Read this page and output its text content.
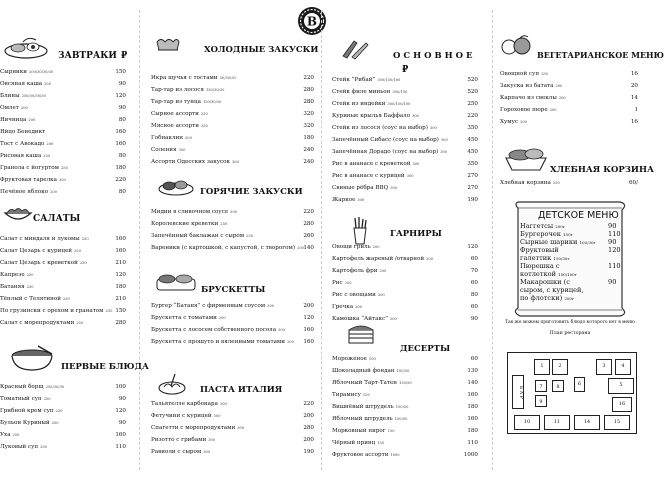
B
ЗАВТРАКИ ₽
Сырники 200/30/30/30	150
Овсяная каша 250	90
Блины 250/30/30/30	120
Омлет 200	90
Яичница 200	80
Яйцо Бенедикт	160
Тост с Авокадо 200	160
Рисовая каша 250	80
Гранола с йогуртом 250	180
Фруктовая тарелка 300	220
Печёное яблоко 200	80
САЛАТЫ
Салат с миндаля и лукомы 250	160
Салат Цезарь с курицей 250	160
Салат Цезарь с креветкой 250	210
Капрезе 250	120
Батаняя 250	180
Тёплый с Телятиной 250	210
По грузински с орехом и гранатом 250 150
Салат с морепродуктами 250	280
ПЕРВЫЕ БЛЮДА
Красный борщ 250/30/30	100
Томатный суп 250	90
Грибной крем суп 250	120
Бульон Куриный 250	90
Уха 250	160
Луковый суп 250	110
ХОЛОДНЫЕ ЗАКУСКИ
Икра щучья с тостами 50/30/30	220
Тар-тар из лосося 150/30/30	280
Тар-тар из тунца 150/30/30	280
Сырное ассорти 250	320
Мясное ассорти 250	320
Гобнаклин 200	180
Соления 300	240
Ассорти Одесских закусок 300	240
ГОРЯЧИЕ ЗАКУСКИ
Мидии в сливочном соусе 300	220
Королевские креветки 250	280
Запечённый баклажан с сыром 250	260
Вареники (с картошкой, с капустой, с творогом) 200 140
БРУСКЕТТЫ
Бургер “Батаня” с фирменным соусом 300	200
Брускетта с томатами 200	120
Брускетта с лососем собственного посола 200	160
Брускетта с прошуто и вяленными томатами 200	160
ПАСТА ИТАЛИЯ
Тальятелле карбонара 300	220
Фетучини с курицей 300	200
Спагетти с морепродуктами 300	280
Ризотто с грибами 300	200
Равиоли с сыром 300	190
О С Н О В Н О Е
₽
Стейк “Рибай” 300/150/100	520
Стейк филе миньон 300/150	520
Стейк из индейки 300/150/100	250
Куриные крылья Баффало 300	220
Стейк из лосося (соус на выбор) 300	350
Запечённый Сибасс (соус на выбор) 300	450
Запечённая Дорадо (соус на выбор) 300	450
Рис в ананасе с креветкой 300	350
Рис в ананасе с курицей 300	270
Свиные рёбра BBQ 300	270
Жаркое 300	190
ГАРНИРЫ
Овощи гриль 200	120
Картофель жареный /отварной 200	60
Картофель фри 200	70
Рис 200	60
Рис с овощами 200	80
Гречка 200	60
Камошка “Айтакс” 200	90
ДЕСЕРТЫ
Мороженое 100	60
Шоколадный фондан 100/50	130
Яблочный Тарт-Татен 150/50	140
Тирамису 150	160
Вишнёвый штрудель 150/50	180
Яблочный штрудель 150/50	160
Морковный пирог 150	180
Чёрный принц 150	110
Фруктовое ассорти 1000	1000
ВЕГЕТАРИАНСКОЕ МЕНЮ
Овощной суп 250	16
Закуска из батата 200	20
Карпачо из свеклы 200	14
Гороховое пюре 200	1
Хумус 200	16
ХЛЕБНАЯ КОРЗИНА
Хлебная корзина 250	60/
ДЕТСКОЕ МЕНЮ
Наггетсы 200г	90
Бургерочек 150г	110
Сырные шарики 100/30г 90
Фруктовый	120
галеттик 150/30г
Пюрешка с	110
котлеткой 150/100г
Макарошки (с	90
сыром, с курицей,
по флотски) 200г
Так же можем приготовить блюдо которого нет в меню
План ресторана
1	2	3	4
5
6
7	8
9
10	11	14	15
16
Б А Р
